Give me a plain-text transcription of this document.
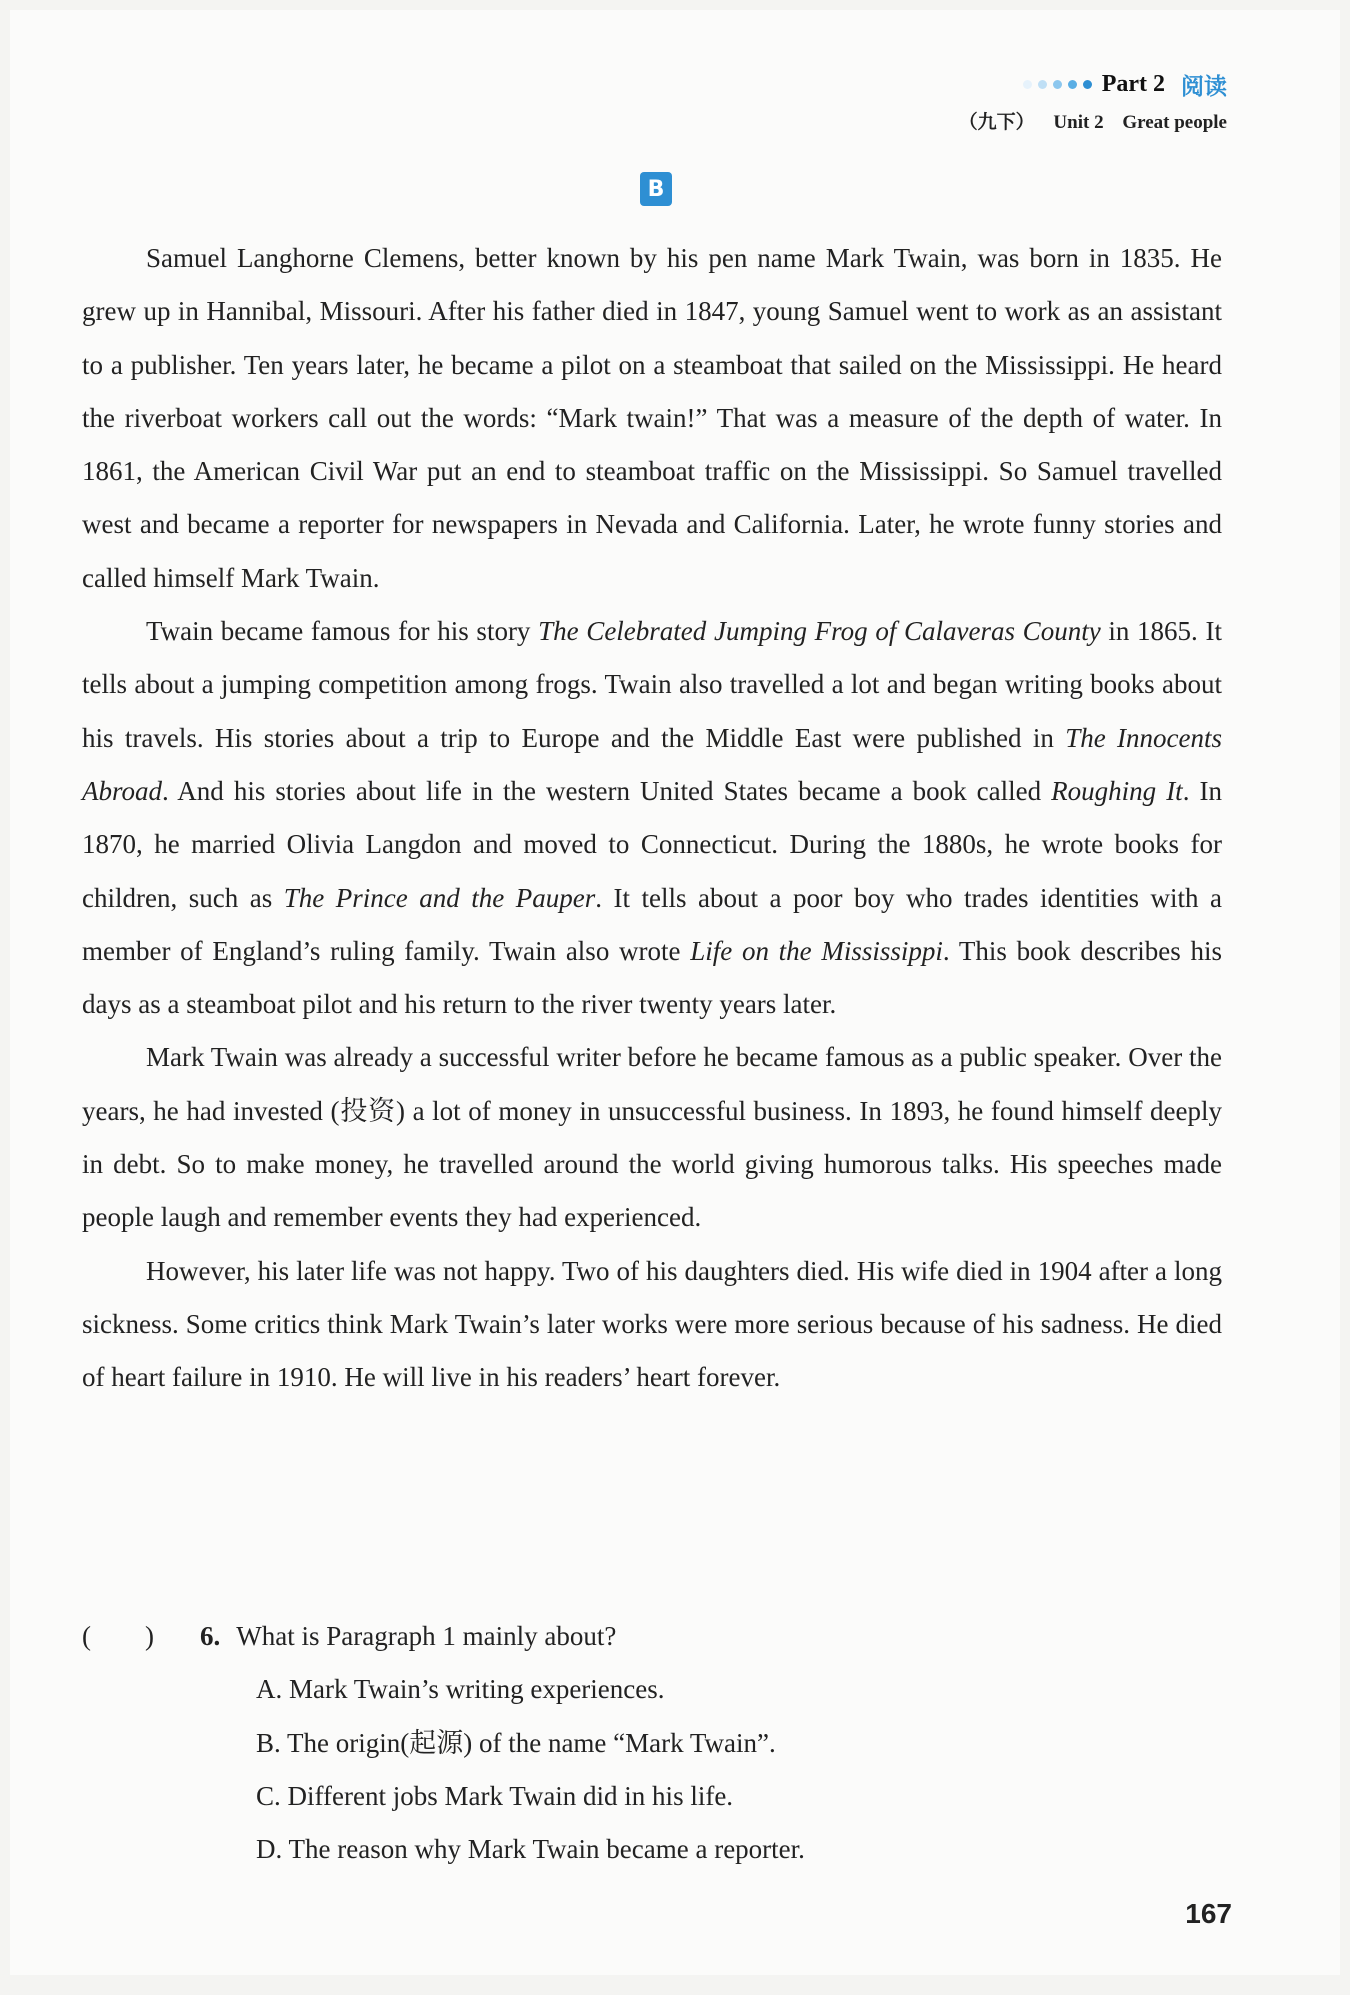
Part 2 阅读
（九下） Unit 2 Great people
B

Samuel Langhorne Clemens, better known by his pen name Mark Twain, was born in 1835. He grew up in Hannibal, Missouri. After his father died in 1847, young Samuel went to work as an assistant to a publisher. Ten years later, he became a pilot on a steamboat that sailed on the Mississippi. He heard the riverboat workers call out the words: “Mark twain!” That was a measure of the depth of water. In 1861, the American Civil War put an end to steamboat traffic on the Mississippi. So Samuel travelled west and became a reporter for newspapers in Nevada and California. Later, he wrote funny stories and called himself Mark Twain.

Twain became famous for his story The Celebrated Jumping Frog of Calaveras County in 1865. It tells about a jumping competition among frogs. Twain also travelled a lot and began writing books about his travels. His stories about a trip to Europe and the Middle East were published in The Innocents Abroad. And his stories about life in the western United States became a book called Roughing It. In 1870, he married Olivia Langdon and moved to Connecticut. During the 1880s, he wrote books for children, such as The Prince and the Pauper. It tells about a poor boy who trades identities with a member of England’s ruling family. Twain also wrote Life on the Mississippi. This book describes his days as a steamboat pilot and his return to the river twenty years later.

Mark Twain was already a successful writer before he became famous as a public speaker. Over the years, he had invested (投资) a lot of money in unsuccessful business. In 1893, he found himself deeply in debt. So to make money, he travelled around the world giving humorous talks. His speeches made people laugh and remember events they had experienced.

However, his later life was not happy. Two of his daughters died. His wife died in 1904 after a long sickness. Some critics think Mark Twain’s later works were more serious because of his sadness. He died of heart failure in 1910. He will live in his readers’ heart forever.

(        )	6. What is Paragraph 1 mainly about?
A. Mark Twain’s writing experiences.
B. The origin(起源) of the name “Mark Twain”.
C. Different jobs Mark Twain did in his life.
D. The reason why Mark Twain became a reporter.
167
